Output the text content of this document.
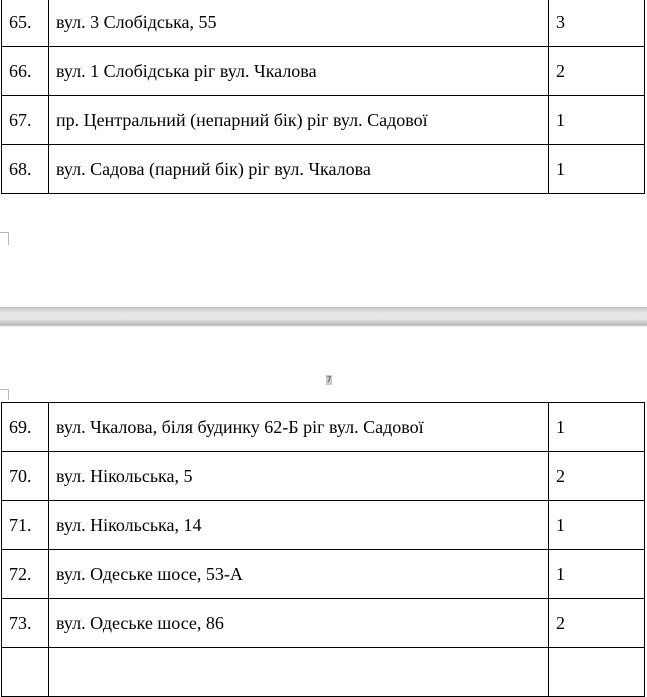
65.	вул. 3 Слобідська, 55	3
66.	вул. 1 Слобідська ріг вул. Чкалова	2
67.	пр. Центральний (непарний бік) ріг вул. Садової	1
68.	вул. Садова (парний бік) ріг вул. Чкалова	1
7
69.	вул. Чкалова, біля будинку 62-Б ріг вул. Садової	1
70.	вул. Нікольська, 5	2
71.	вул. Нікольська, 14	1
72.	вул. Одеське шосе, 53-А	1
73.	вул. Одеське шосе, 86	2
